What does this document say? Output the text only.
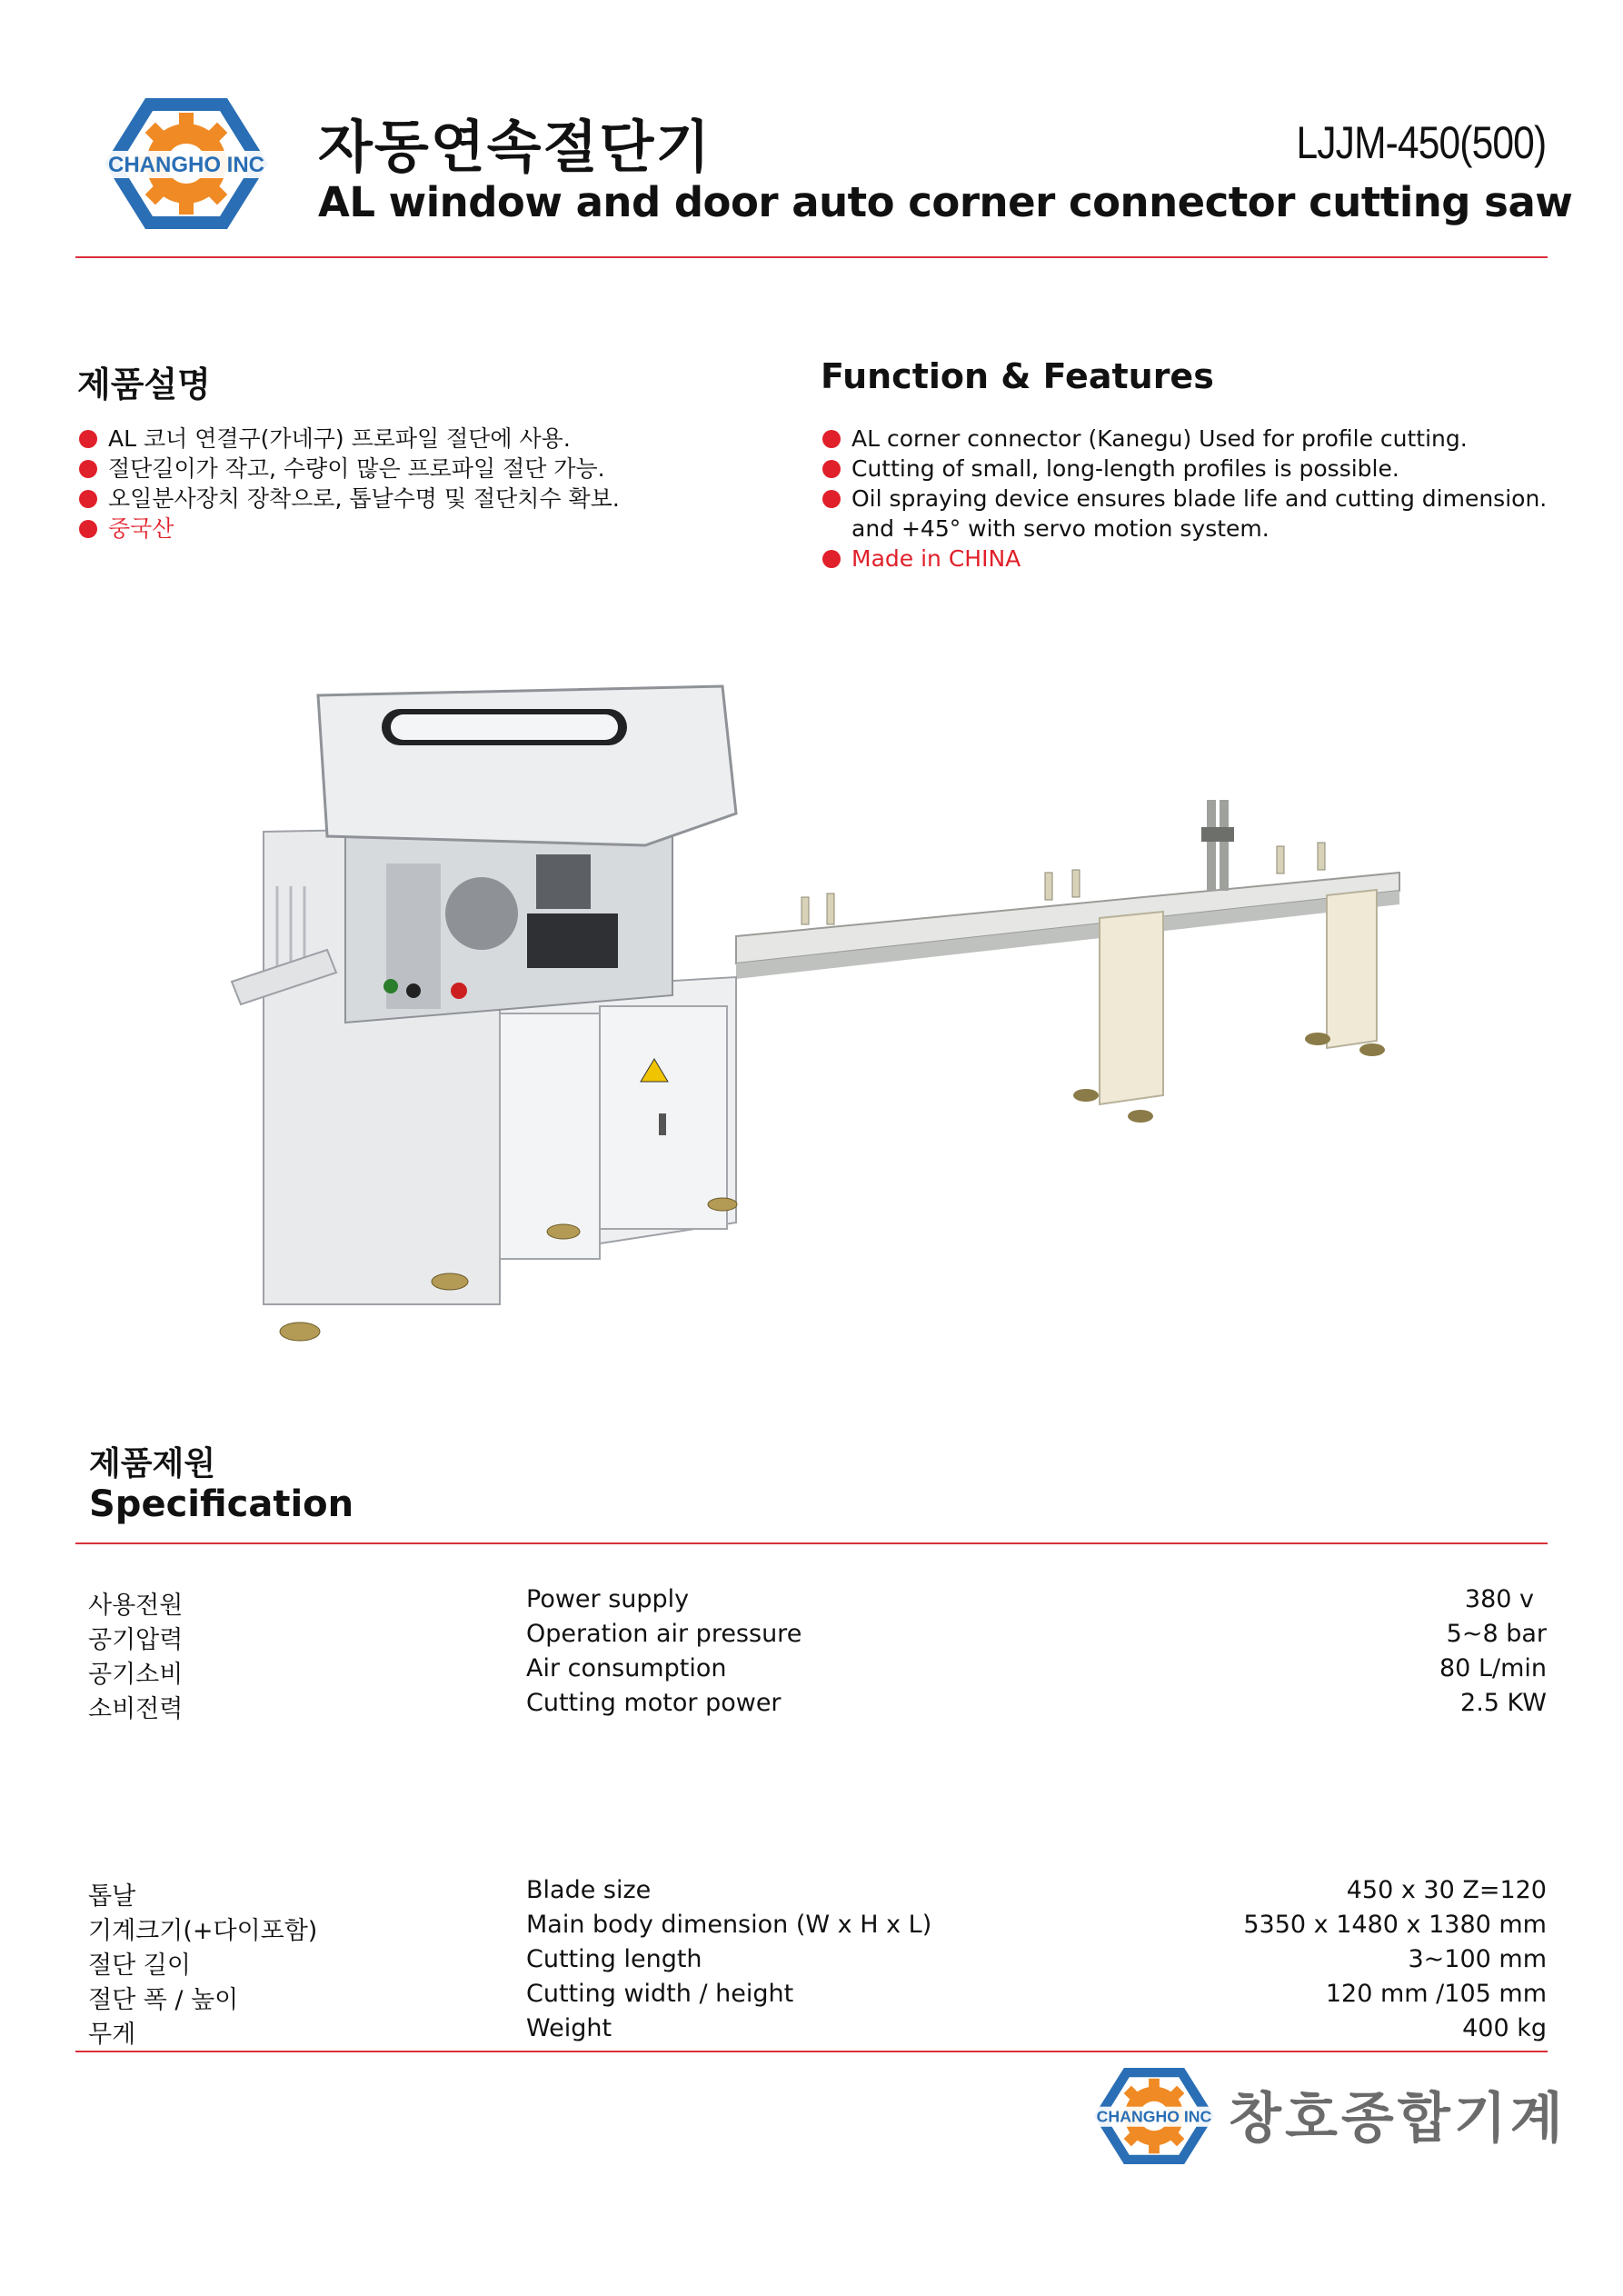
CHANGHO INC 자동연속절단기	LJJM-450(500)
AL window and door auto corner connector cutting saw
제품설명
AL 코너 연결구(가네구) 프로파일 절단에 사용.
절단길이가 작고, 수량이 많은 프로파일 절단 가능.
오일분사장치 장착으로, 톱날수명 및 절단치수 확보.
중국산
Function & Features
AL corner connector (Kanegu) Used for profile cutting.
Cutting of small, long-length profiles is possible.
Oil spraying device ensures blade life and cutting dimension.
and +45° with servo motion system.
Made in CHINA
제품제원
Specification
사용전원	Power supply	380 v
공기압력	Operation air pressure	5~8 bar
공기소비	Air consumption	80 L/min
소비전력	Cutting motor power	2.5 KW
톱날	Blade size	450 x 30 Z=120
기계크기(+다이포함)	Main body dimension (W x H x L)	5350 x 1480 x 1380 mm
절단 길이	Cutting length	3~100 mm
절단 폭 / 높이	Cutting width / height	120 mm /105 mm
무게	Weight	400 kg
CHANGHO INC 창호종합기계
